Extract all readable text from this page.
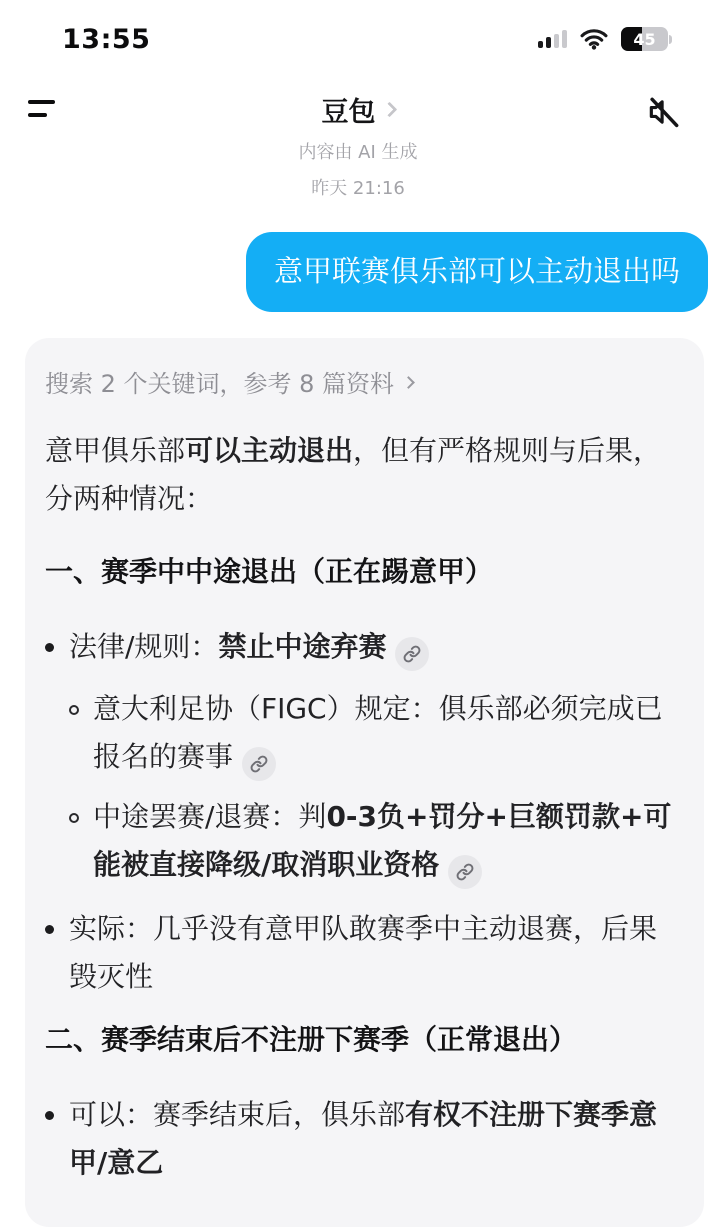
13:55	45
豆包
内容由 AI 生成
昨天 21:16
意甲联赛俱乐部可以主动退出吗
搜索 2 个关键词，参考 8 篇资料
意甲俱乐部可以主动退出，但有严格规则与后果，分两种情况：
一、赛季中中途退出（正在踢意甲）
法律/规则：禁止中途弃赛
意大利足协（FIGC）规定：俱乐部必须完成已报名的赛事
中途罢赛/退赛：判0-3负+罚分+巨额罚款+可能被直接降级/取消职业资格
实际：几乎没有意甲队敢赛季中主动退赛，后果毁灭性
二、赛季结束后不注册下赛季（正常退出）
可以：赛季结束后，俱乐部有权不注册下赛季意甲/意乙
